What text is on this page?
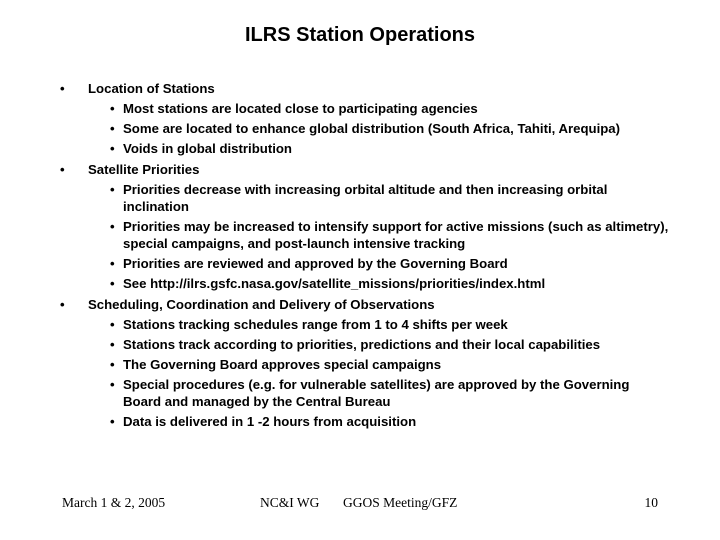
ILRS Station Operations
• Location of Stations
• Most stations are located close to participating agencies
• Some are located to enhance global distribution (South Africa, Tahiti, Arequipa)
• Voids in global distribution
• Satellite Priorities
• Priorities decrease with increasing orbital altitude and then increasing orbital inclination
• Priorities may be increased to intensify support for active missions (such as altimetry), special campaigns, and post-launch intensive tracking
• Priorities are reviewed and approved by the Governing Board
• See http://ilrs.gsfc.nasa.gov/satellite_missions/priorities/index.html
• Scheduling, Coordination and Delivery of Observations
• Stations tracking schedules range from 1 to 4 shifts per week
• Stations track according to priorities, predictions and their local capabilities
• The Governing Board approves special campaigns
• Special procedures (e.g. for vulnerable satellites) are approved by the Governing Board and managed by the Central Bureau
• Data is delivered in 1 -2 hours from acquisition
March 1 & 2, 2005	NC&I WG GGOS Meeting/GFZ	10
